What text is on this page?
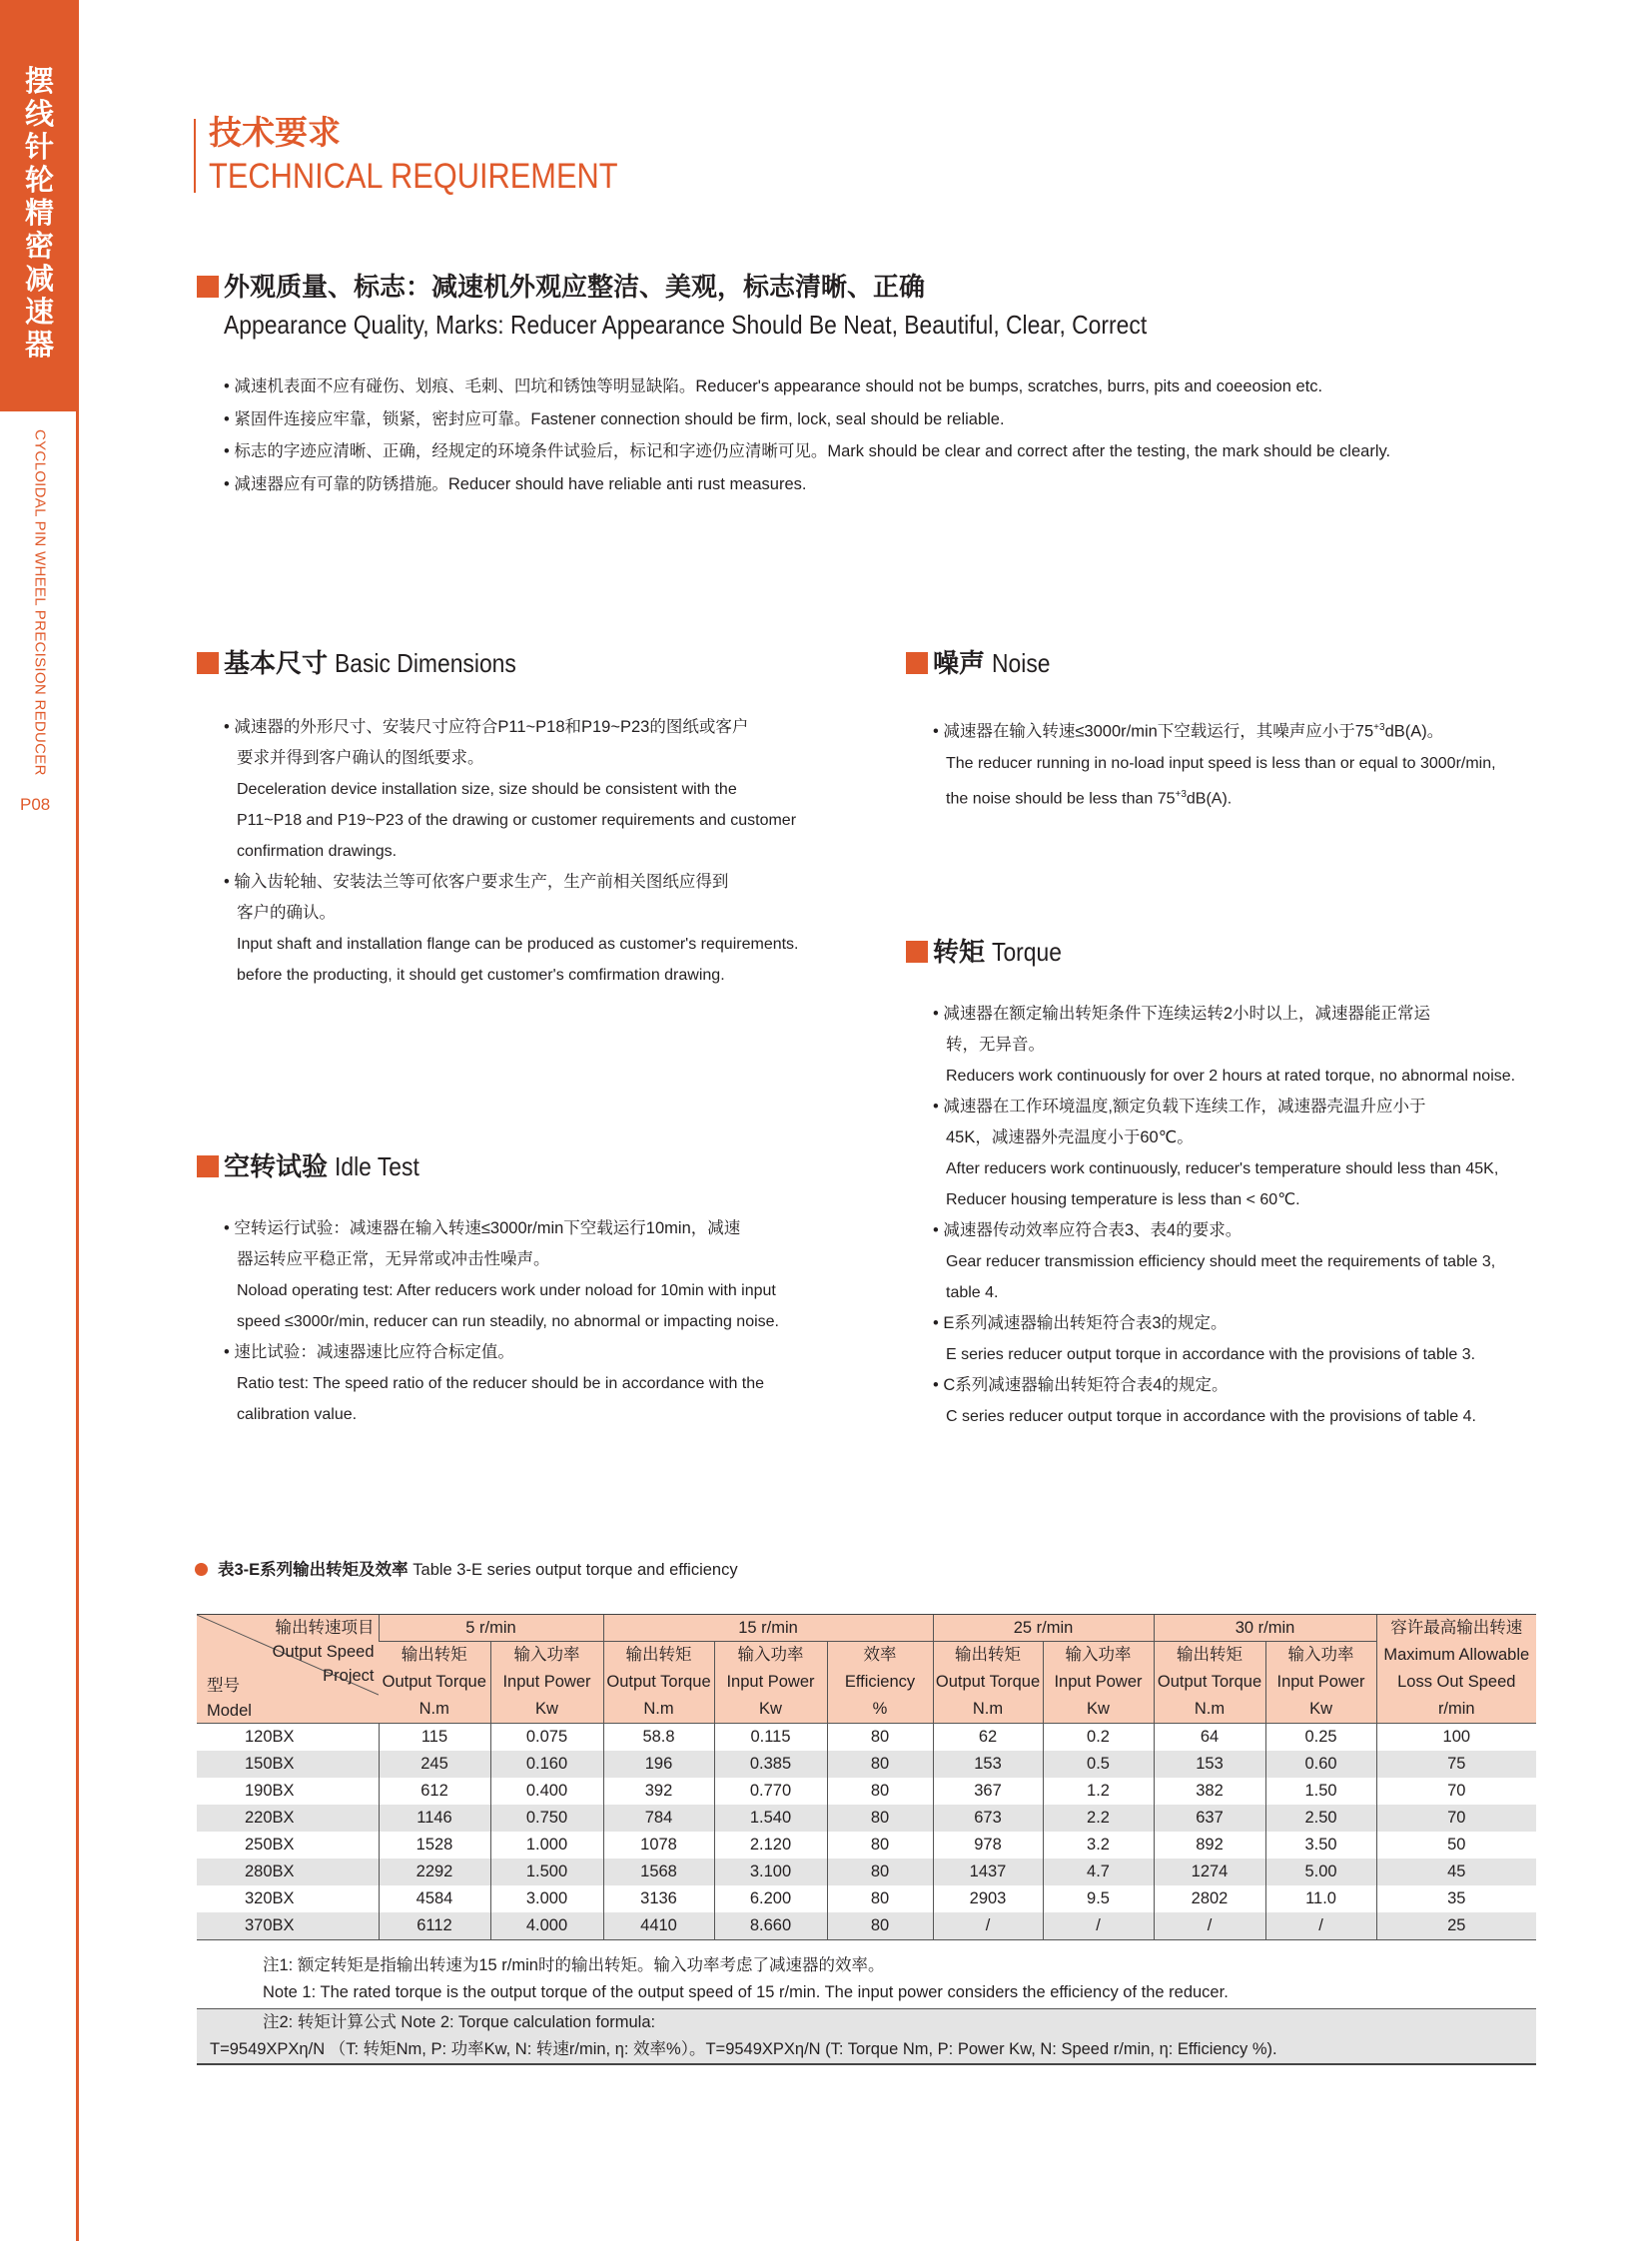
摆
线
针
轮
精
密
减
速
器
CYCLOIDAL PIN WHEEL PRECISION REDUCER
P08
技术要求
TECHNICAL REQUIREMENT
外观质量、标志：减速机外观应整洁、美观，标志清晰、正确
Appearance Quality, Marks: Reducer Appearance Should Be Neat, Beautiful, Clear, Correct
• 减速机表面不应有碰伤、划痕、毛刺、凹坑和锈蚀等明显缺陷。Reducer's appearance should not be bumps, scratches, burrs, pits and coeeosion etc.
• 紧固件连接应牢靠，锁紧，密封应可靠。Fastener connection should be firm, lock, seal should be reliable.
• 标志的字迹应清晰、正确，经规定的环境条件试验后，标记和字迹仍应清晰可见。Mark should be clear and correct after the testing, the mark should be clearly.
• 减速器应有可靠的防锈措施。Reducer should have reliable anti rust measures.
基本尺寸 Basic Dimensions
• 减速器的外形尺寸、安装尺寸应符合P11~P18和P19~P23的图纸或客户
要求并得到客户确认的图纸要求。
Deceleration device installation size, size should be consistent with the
P11~P18 and P19~P23 of the drawing or customer requirements and customer
confirmation drawings.
• 输入齿轮轴、安装法兰等可依客户要求生产，生产前相关图纸应得到
客户的确认。
Input shaft and installation flange can be produced as customer's requirements.
before the producting, it should get customer's comfirmation drawing.
噪声 Noise
• 减速器在输入转速≤3000r/min下空载运行，其噪声应小于$75^{+3}dB(A)$。
The reducer running in no-load input speed is less than or equal to 3000r/min,
the noise should be less than $75^{+3}dB(A)$.
转矩 Torque
• 减速器在额定输出转矩条件下连续运转2小时以上，减速器能正常运
转，无异音。
Reducers work continuously for over 2 hours at rated torque, no abnormal noise.
• 减速器在工作环境温度,额定负载下连续工作，减速器壳温升应小于
45K，减速器外壳温度小于60℃。
After reducers work continuously, reducer's temperature should less than 45K,
Reducer housing temperature is less than < 60℃.
• 减速器传动效率应符合表3、表4的要求。
Gear reducer transmission efficiency should meet the requirements of table 3,
table 4.
• E系列减速器输出转矩符合表3的规定。
E series reducer output torque in accordance with the provisions of table 3.
• C系列减速器输出转矩符合表4的规定。
C series reducer output torque in accordance with the provisions of table 4.
空转试验 Idle Test
• 空转运行试验：减速器在输入转速≤3000r/min下空载运行10min，减速
器运转应平稳正常，无异常或冲击性噪声。
Noload operating test: After reducers work under noload for 10min with input
speed ≤3000r/min, reducer can run steadily, no abnormal or impacting noise.
• 速比试验：减速器速比应符合标定值。
Ratio test: The speed ratio of the reducer should be in accordance with the
calibration value.
表3-E系列输出转矩及效率 Table 3-E series output torque and efficiency
输出转速项目
Output Speed
Project
型号
Model	5 r/min		15 r/min			25 r/min		30 r/min		容许最高输出转速
	输出转矩	输入功率	输出转矩	输入功率	效率	输出转矩	输入功率	输出转矩	输入功率	Maximum Allowable
	Output Torque	Input Power	Output Torque	Input Power	Efficiency	Output Torque	Input Power	Output Torque	Input Power	Loss Out Speed
	N.m	Kw	N.m	Kw	%	N.m	Kw	N.m	Kw	r/min
120BX	115	0.075	58.8	0.115	80	62	0.2	64	0.25	100
150BX	245	0.160	196	0.385	80	153	0.5	153	0.60	75
190BX	612	0.400	392	0.770	80	367	1.2	382	1.50	70
220BX	1146	0.750	784	1.540	80	673	2.2	637	2.50	70
250BX	1528	1.000	1078	2.120	80	978	3.2	892	3.50	50
280BX	2292	1.500	1568	3.100	80	1437	4.7	1274	5.00	45
320BX	4584	3.000	3136	6.200	80	2903	9.5	2802	11.0	35
370BX	6112	4.000	4410	8.660	80	/	/	/	/	25
注1: 额定转矩是指输出转速为15 r/min时的输出转矩。输入功率考虑了减速器的效率。
Note 1: The rated torque is the output torque of the output speed of 15 r/min. The input power considers the efficiency of the reducer.
注2: 转矩计算公式 Note 2: Torque calculation formula:
T=9549XPXη/N （T: 转矩Nm, P: 功率Kw, N: 转速r/min, η: 效率%）。T=9549XPXη/N (T: Torque Nm, P: Power Kw, N: Speed r/min, η: Efficiency %).
